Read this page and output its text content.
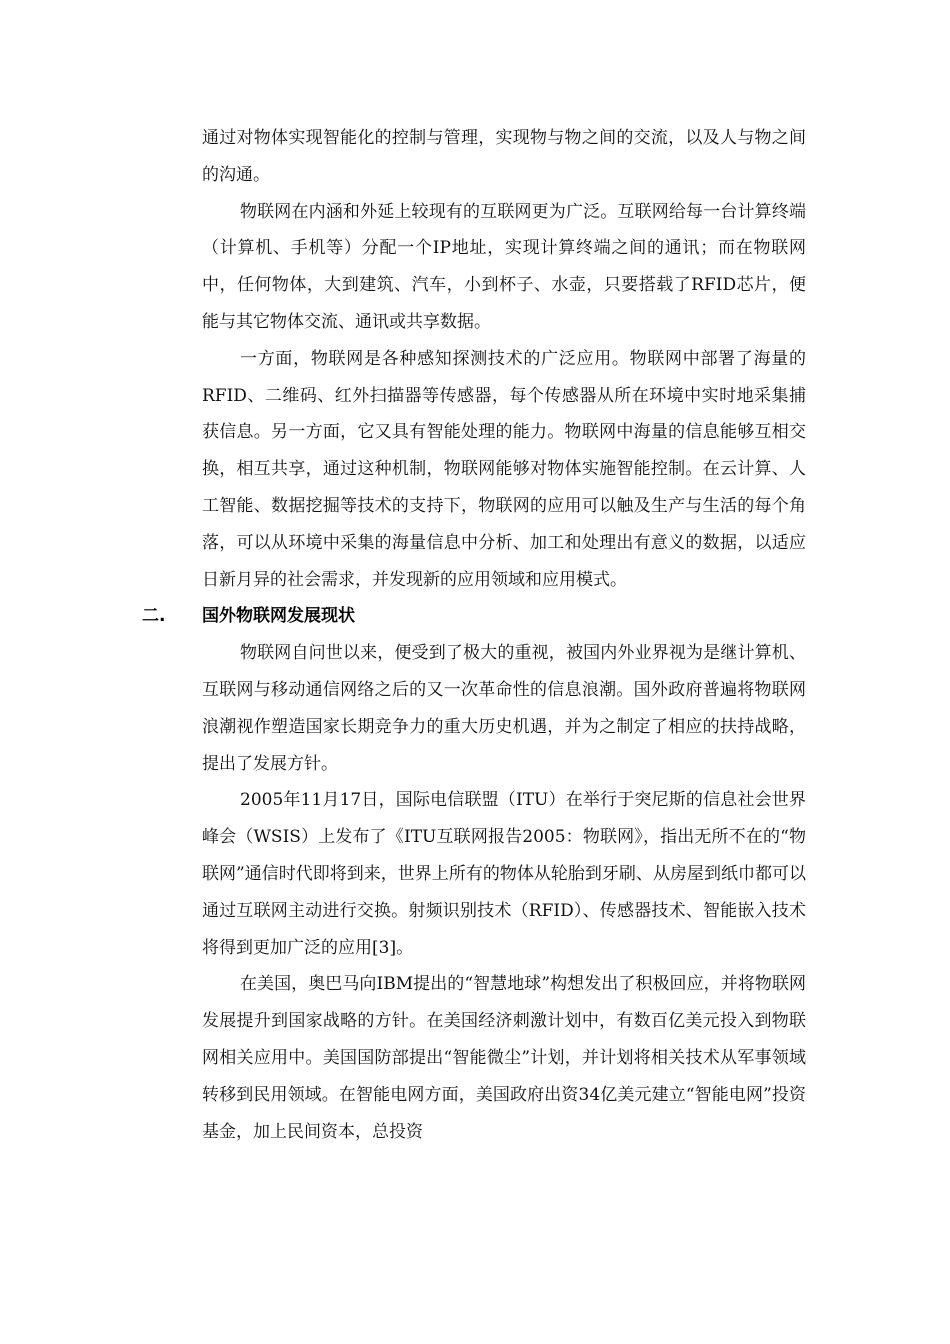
通过对物体实现智能化的控制与管理，实现物与物之间的交流，以及人与物之间的沟通。

物联网在内涵和外延上较现有的互联网更为广泛。互联网给每一台计算终端（计算机、手机等）分配一个IP地址，实现计算终端之间的通讯；而在物联网中，任何物体，大到建筑、汽车，小到杯子、水壶，只要搭载了RFID芯片，便能与其它物体交流、通讯或共享数据。

一方面，物联网是各种感知探测技术的广泛应用。物联网中部署了海量的RFID、二维码、红外扫描器等传感器，每个传感器从所在环境中实时地采集捕获信息。另一方面，它又具有智能处理的能力。物联网中海量的信息能够互相交换，相互共享，通过这种机制，物联网能够对物体实施智能控制。在云计算、人工智能、数据挖掘等技术的支持下，物联网的应用可以触及生产与生活的每个角落，可以从环境中采集的海量信息中分析、加工和处理出有意义的数据，以适应日新月异的社会需求，并发现新的应用领域和应用模式。

二.	国外物联网发展现状

物联网自问世以来，便受到了极大的重视，被国内外业界视为是继计算机、互联网与移动通信网络之后的又一次革命性的信息浪潮。国外政府普遍将物联网浪潮视作塑造国家长期竞争力的重大历史机遇，并为之制定了相应的扶持战略，提出了发展方针。

2005年11月17日，国际电信联盟（ITU）在举行于突尼斯的信息社会世界峰会（WSIS）上发布了《ITU互联网报告2005：物联网》，指出无所不在的“物联网”通信时代即将到来，世界上所有的物体从轮胎到牙刷、从房屋到纸巾都可以通过互联网主动进行交换。射频识别技术（RFID）、传感器技术、智能嵌入技术将得到更加广泛的应用[3]。

在美国，奥巴马向IBM提出的“智慧地球”构想发出了积极回应，并将物联网发展提升到国家战略的方针。在美国经济刺激计划中，有数百亿美元投入到物联网相关应用中。美国国防部提出“智能微尘”计划，并计划将相关技术从军事领域转移到民用领域。在智能电网方面，美国政府出资34亿美元建立“智能电网”投资基金，加上民间资本，总投资
